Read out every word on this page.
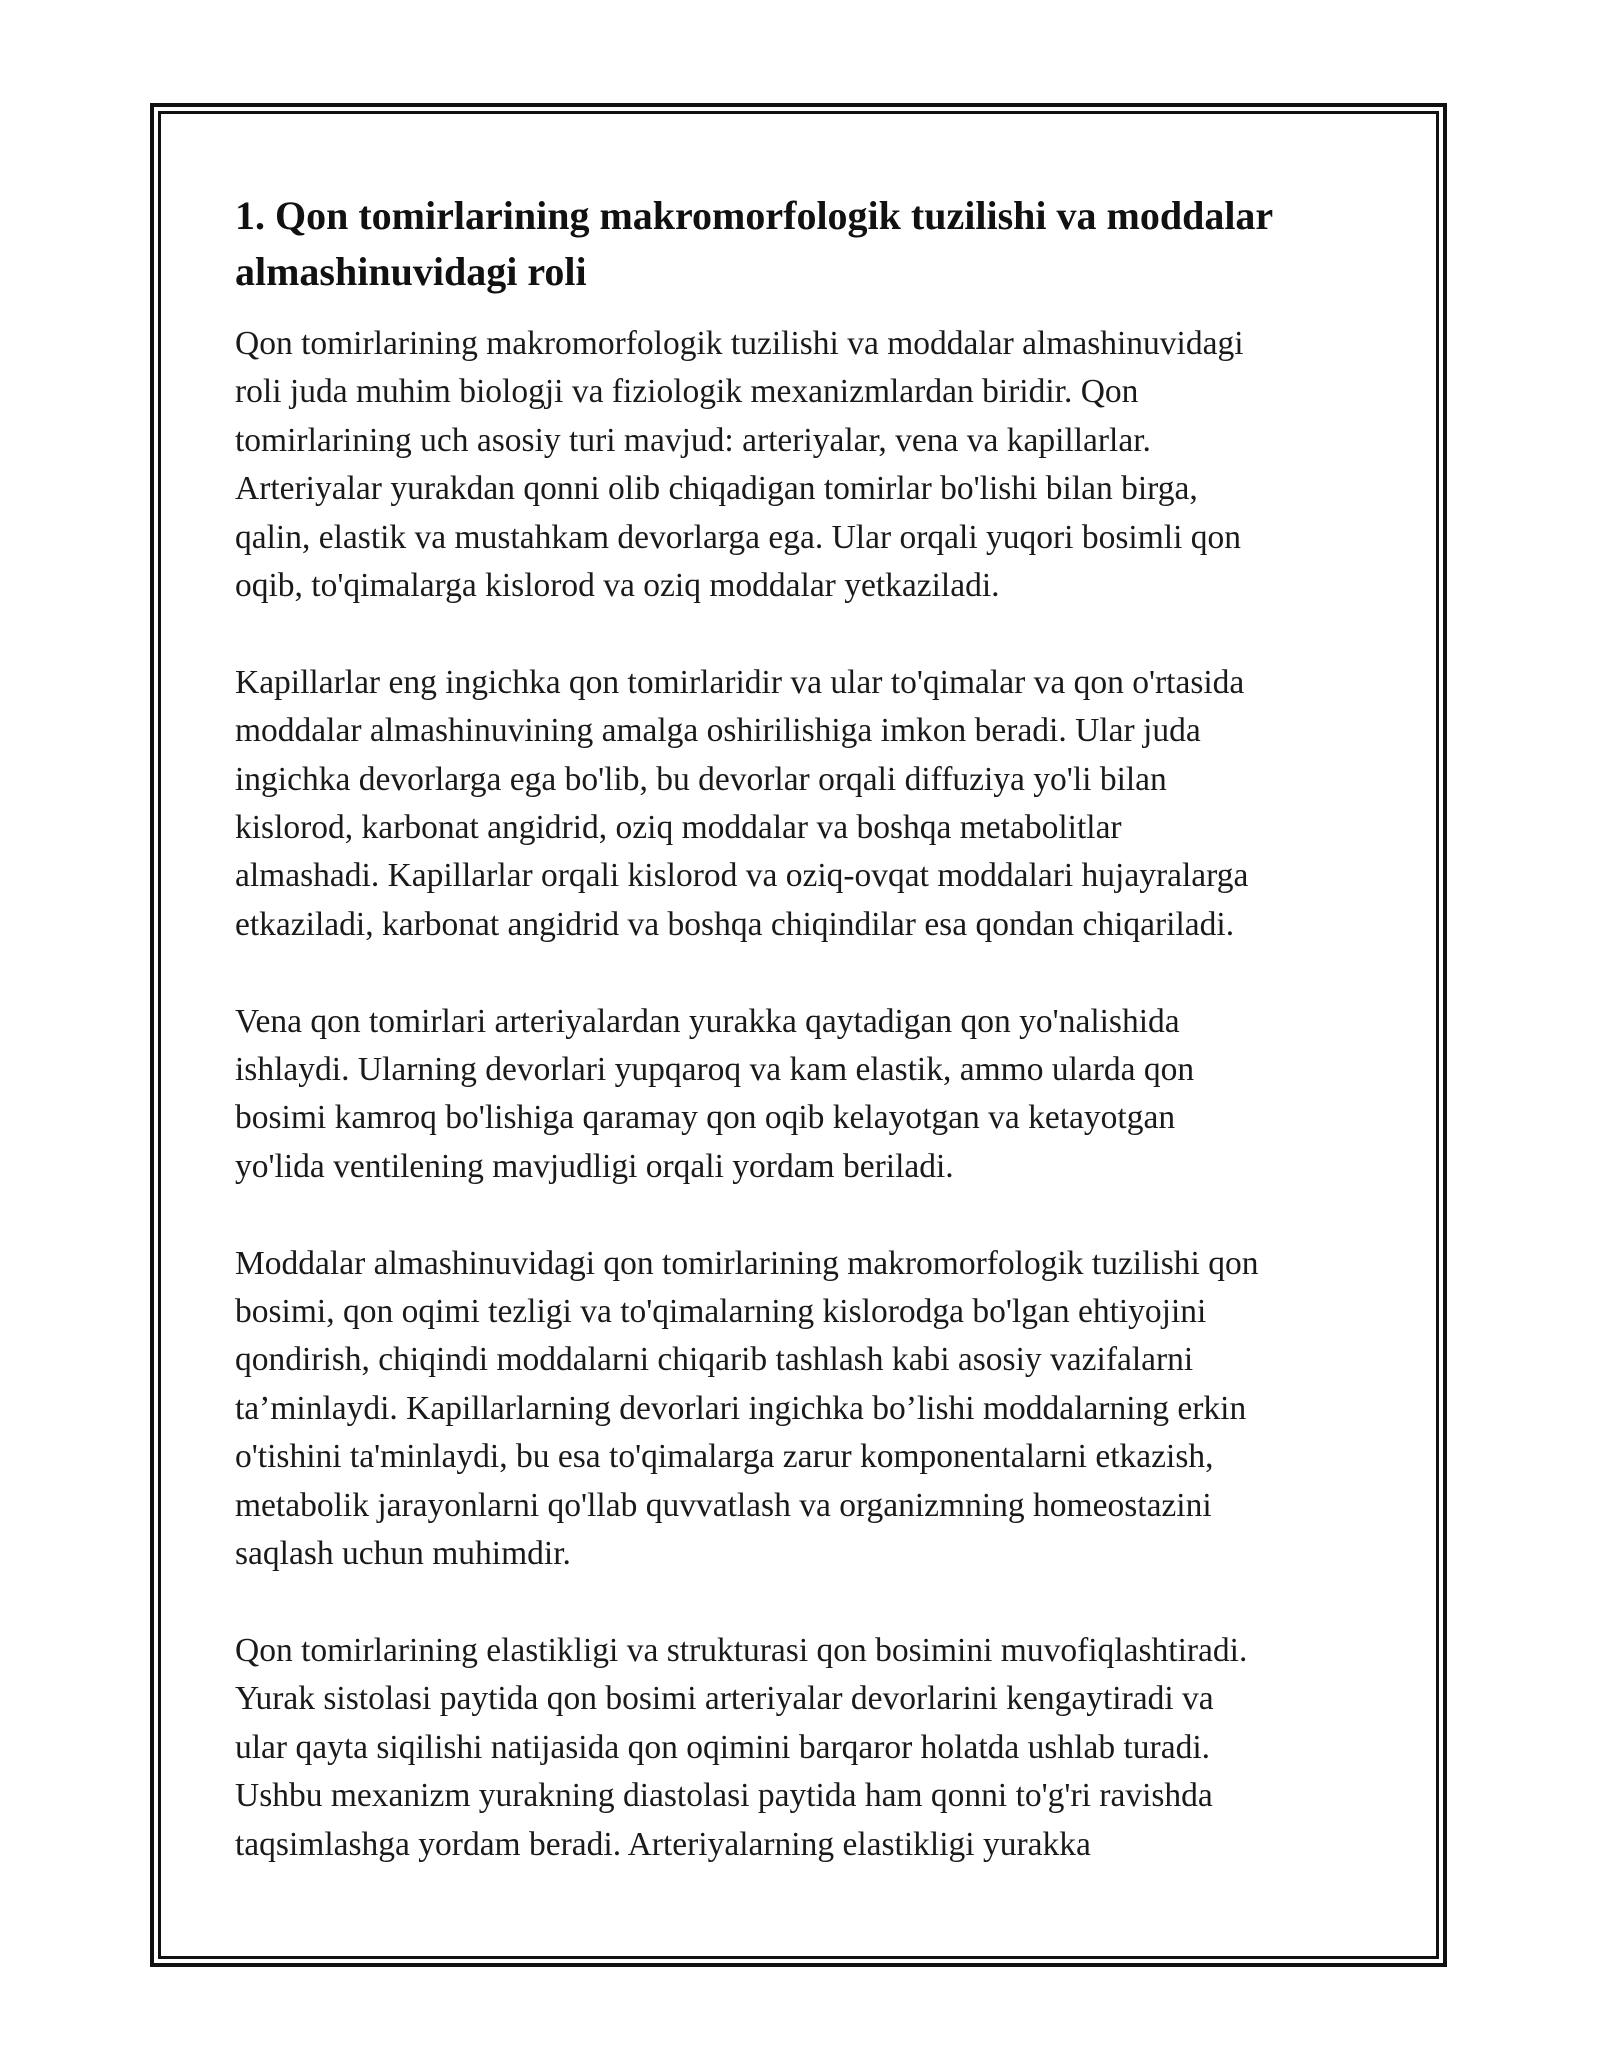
1. Qon tomirlarining makromorfologik tuzilishi va moddalar
almashinuvidagi roli

Qon tomirlarining makromorfologik tuzilishi va moddalar almashinuvidagi
roli juda muhim biologji va fiziologik mexanizmlardan biridir. Qon
tomirlarining uch asosiy turi mavjud: arteriyalar, vena va kapillarlar.
Arteriyalar yurakdan qonni olib chiqadigan tomirlar bo'lishi bilan birga,
qalin, elastik va mustahkam devorlarga ega. Ular orqali yuqori bosimli qon
oqib, to'qimalarga kislorod va oziq moddalar yetkaziladi.

Kapillarlar eng ingichka qon tomirlaridir va ular to'qimalar va qon o'rtasida
moddalar almashinuvining amalga oshirilishiga imkon beradi. Ular juda
ingichka devorlarga ega bo'lib, bu devorlar orqali diffuziya yo'li bilan
kislorod, karbonat angidrid, oziq moddalar va boshqa metabolitlar
almashadi. Kapillarlar orqali kislorod va oziq-ovqat moddalari hujayralarga
etkaziladi, karbonat angidrid va boshqa chiqindilar esa qondan chiqariladi.

Vena qon tomirlari arteriyalardan yurakka qaytadigan qon yo'nalishida
ishlaydi. Ularning devorlari yupqaroq va kam elastik, ammo ularda qon
bosimi kamroq bo'lishiga qaramay qon oqib kelayotgan va ketayotgan
yo'lida ventilening mavjudligi orqali yordam beriladi.

Moddalar almashinuvidagi qon tomirlarining makromorfologik tuzilishi qon
bosimi, qon oqimi tezligi va to'qimalarning kislorodga bo'lgan ehtiyojini
qondirish, chiqindi moddalarni chiqarib tashlash kabi asosiy vazifalarni
ta’minlaydi. Kapillarlarning devorlari ingichka bo’lishi moddalarning erkin
o'tishini ta'minlaydi, bu esa to'qimalarga zarur komponentalarni etkazish,
metabolik jarayonlarni qo'llab quvvatlash va organizmning homeostazini
saqlash uchun muhimdir.

Qon tomirlarining elastikligi va strukturasi qon bosimini muvofiqlashtiradi.
Yurak sistolasi paytida qon bosimi arteriyalar devorlarini kengaytiradi va
ular qayta siqilishi natijasida qon oqimini barqaror holatda ushlab turadi.
Ushbu mexanizm yurakning diastolasi paytida ham qonni to'g'ri ravishda
taqsimlashga yordam beradi. Arteriyalarning elastikligi yurakka
